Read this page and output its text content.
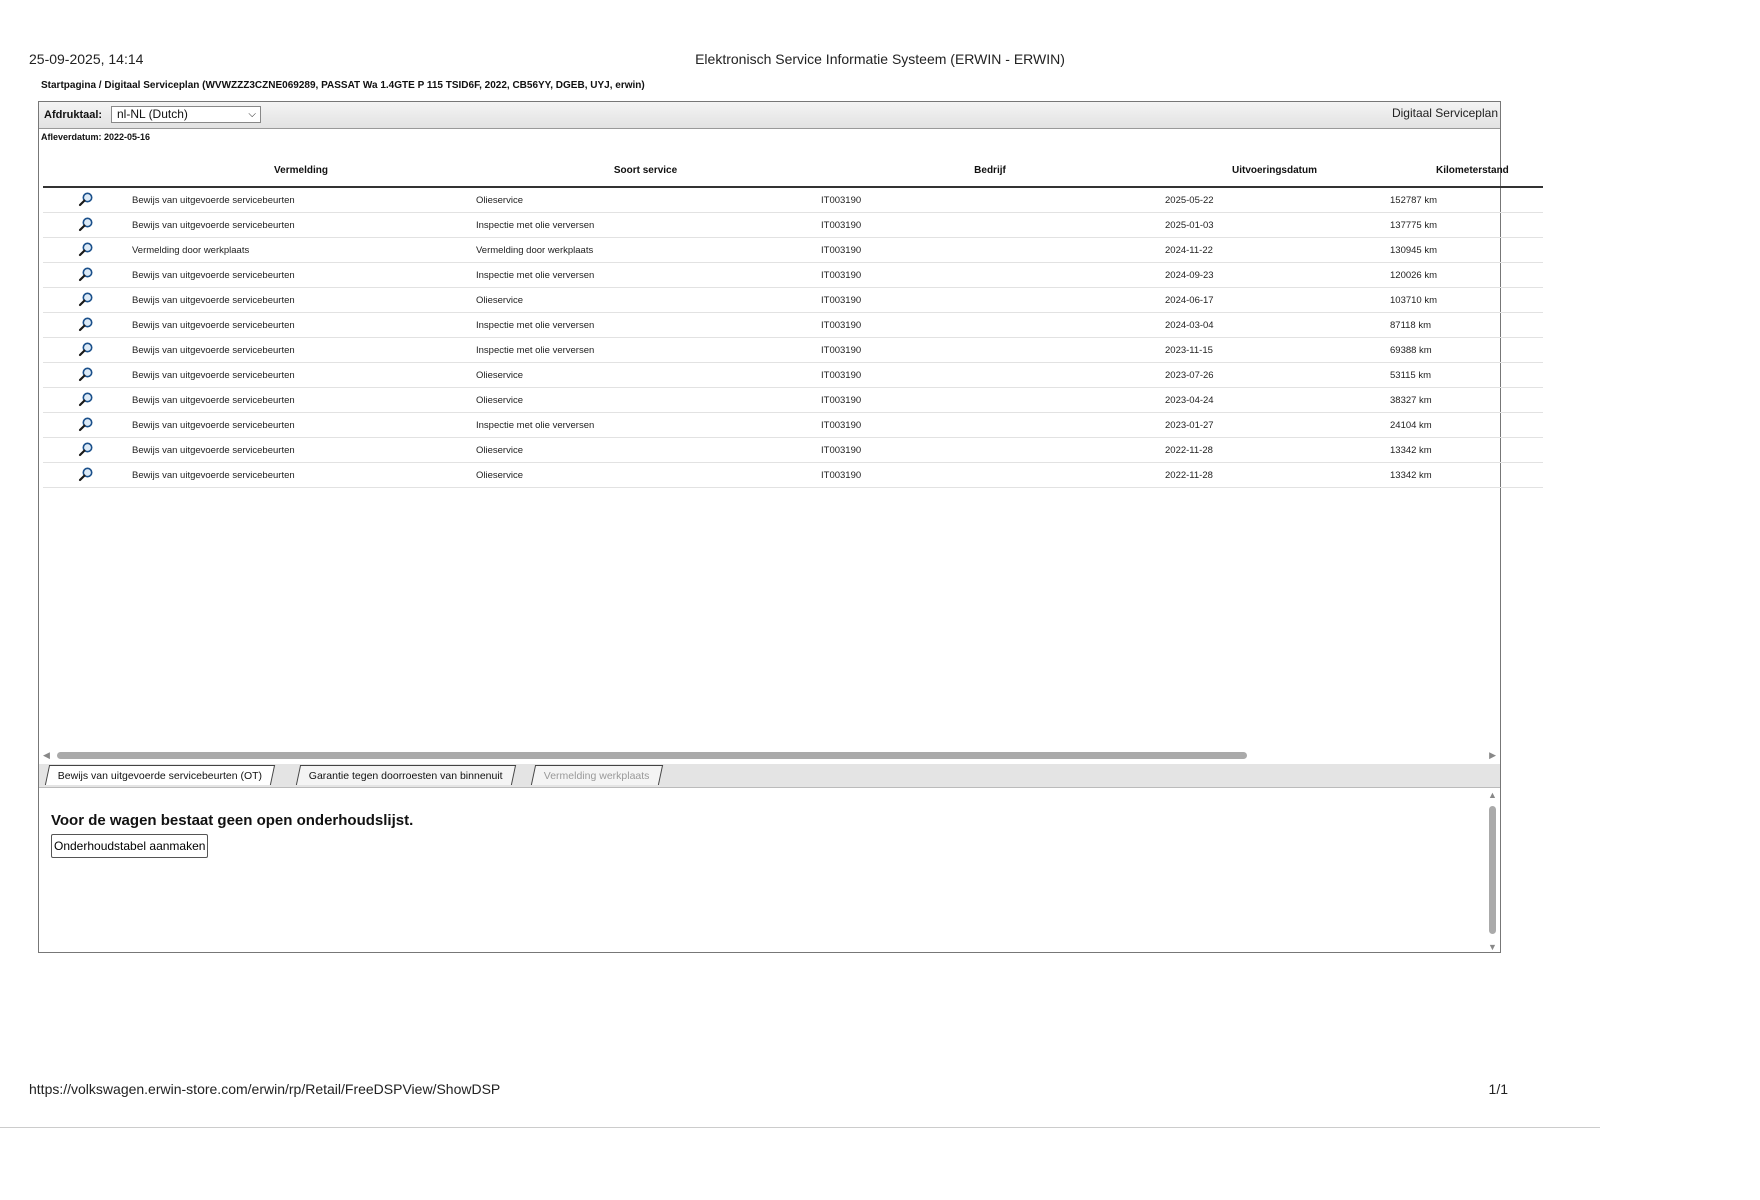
25-09-2025, 14:14	Elektronisch Service Informatie Systeem (ERWIN - ERWIN)
Startpagina / Digitaal Serviceplan (WVWZZZ3CZNE069289, PASSAT Wa 1.4GTE P 115 TSID6F, 2022, CB56YY, DGEB, UYJ, erwin)
Afdruktaal:	nl-NL (Dutch)	⌵	Digitaal Serviceplan
Afleverdatum: 2022-05-16
	Vermelding	Soort service	Bedrijf	Uitvoeringsdatum	Kilometerstand
	Bewijs van uitgevoerde servicebeurten	Olieservice	IT003190	2025-05-22	152787 km
	Bewijs van uitgevoerde servicebeurten	Inspectie met olie verversen	IT003190	2025-01-03	137775 km
	Vermelding door werkplaats	Vermelding door werkplaats	IT003190	2024-11-22	130945 km
	Bewijs van uitgevoerde servicebeurten	Inspectie met olie verversen	IT003190	2024-09-23	120026 km
	Bewijs van uitgevoerde servicebeurten	Olieservice	IT003190	2024-06-17	103710 km
	Bewijs van uitgevoerde servicebeurten	Inspectie met olie verversen	IT003190	2024-03-04	87118 km
	Bewijs van uitgevoerde servicebeurten	Inspectie met olie verversen	IT003190	2023-11-15	69388 km
	Bewijs van uitgevoerde servicebeurten	Olieservice	IT003190	2023-07-26	53115 km
	Bewijs van uitgevoerde servicebeurten	Olieservice	IT003190	2023-04-24	38327 km
	Bewijs van uitgevoerde servicebeurten	Inspectie met olie verversen	IT003190	2023-01-27	24104 km
	Bewijs van uitgevoerde servicebeurten	Olieservice	IT003190	2022-11-28	13342 km
	Bewijs van uitgevoerde servicebeurten	Olieservice	IT003190	2022-11-28	13342 km
◀	▶
Bewijs van uitgevoerde servicebeurten (OT)	Garantie tegen doorroesten van binnenuit	Vermelding werkplaats
Voor de wagen bestaat geen open onderhoudslijst.
Onderhoudstabel aanmaken
▲
▼
https://volkswagen.erwin-store.com/erwin/rp/Retail/FreeDSPView/ShowDSP	1/1
